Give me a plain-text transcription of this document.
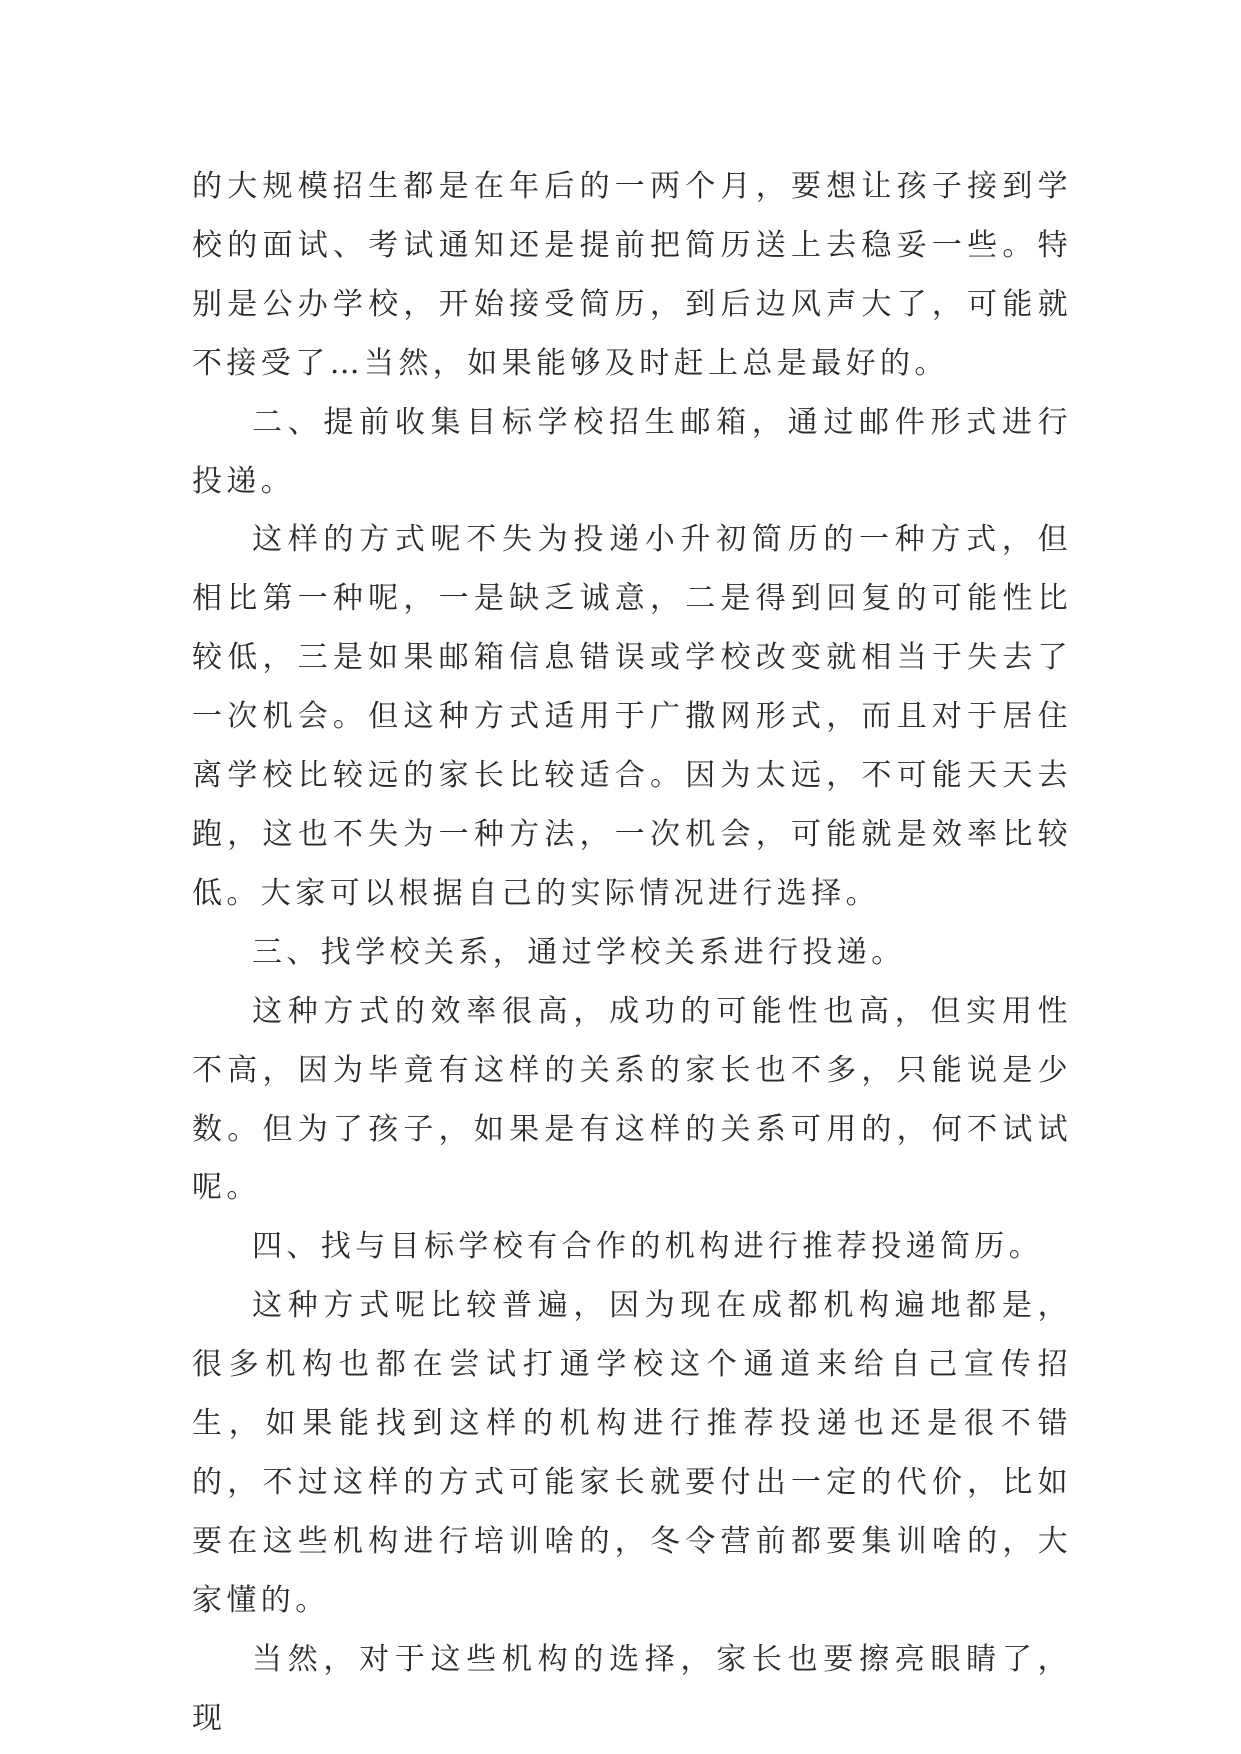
的大规模招生都是在年后的一两个月，要想让孩子接到学校的面试、考试通知还是提前把简历送上去稳妥一些。特别是公办学校，开始接受简历，到后边风声大了，可能就不接受了…当然，如果能够及时赶上总是最好的。

二、提前收集目标学校招生邮箱，通过邮件形式进行投递。

这样的方式呢不失为投递小升初简历的一种方式，但相比第一种呢，一是缺乏诚意，二是得到回复的可能性比较低，三是如果邮箱信息错误或学校改变就相当于失去了一次机会。但这种方式适用于广撒网形式，而且对于居住离学校比较远的家长比较适合。因为太远，不可能天天去跑，这也不失为一种方法，一次机会，可能就是效率比较低。大家可以根据自己的实际情况进行选择。

三、找学校关系，通过学校关系进行投递。

这种方式的效率很高，成功的可能性也高，但实用性不高，因为毕竟有这样的关系的家长也不多，只能说是少数。但为了孩子，如果是有这样的关系可用的，何不试试呢。

四、找与目标学校有合作的机构进行推荐投递简历。

这种方式呢比较普遍，因为现在成都机构遍地都是，很多机构也都在尝试打通学校这个通道来给自己宣传招生，如果能找到这样的机构进行推荐投递也还是很不错的，不过这样的方式可能家长就要付出一定的代价，比如要在这些机构进行培训啥的，冬令营前都要集训啥的，大家懂的。

当然，对于这些机构的选择，家长也要擦亮眼睛了，现
